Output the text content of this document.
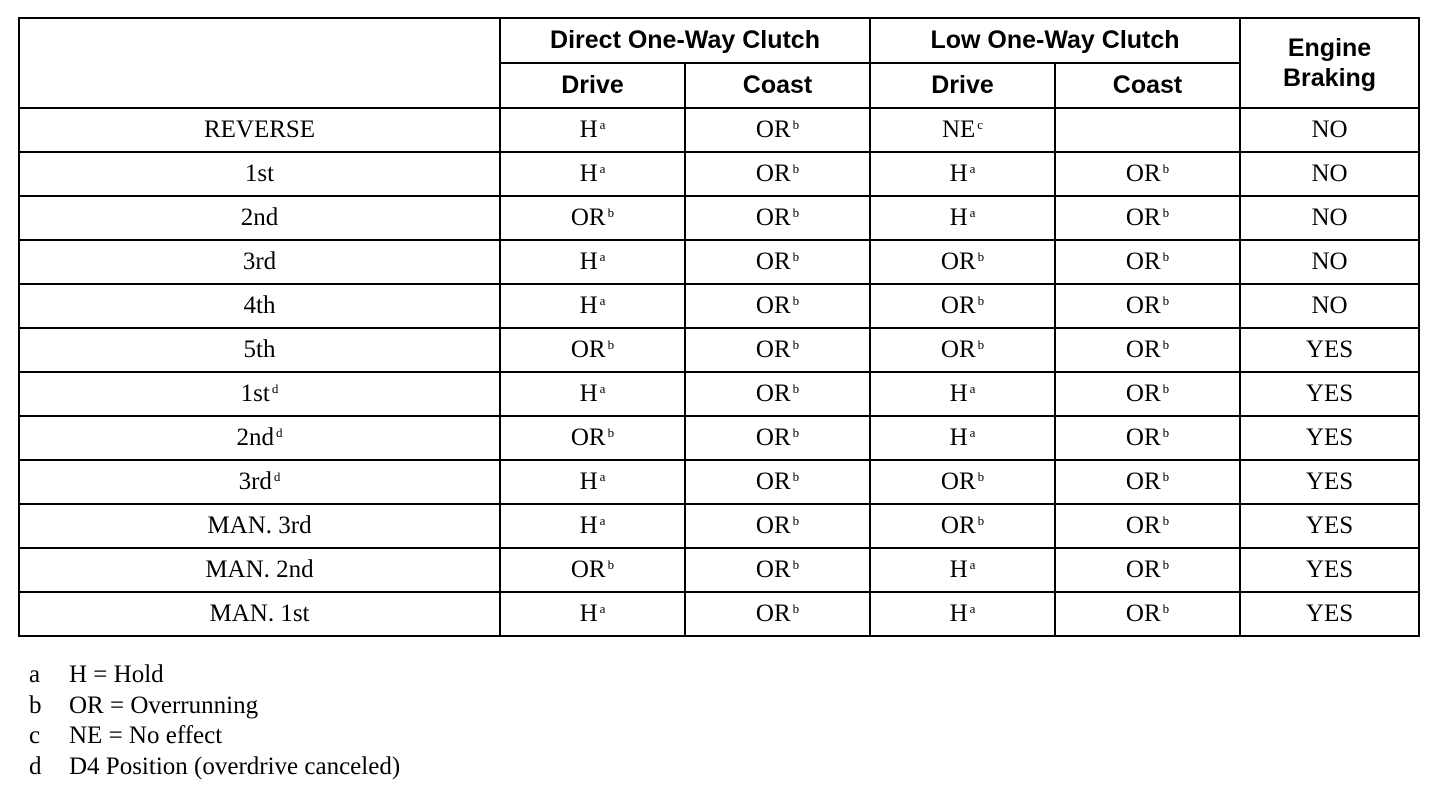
	Direct One-Way Clutch		Low One-Way Clutch		Engine
Braking
	Drive	Coast	Drive	Coast	
REVERSE	H $^a$	OR $^b$	NE $^c$		NO
1st	H $^a$	OR $^b$	H $^a$	OR $^b$	NO
2nd	OR $^b$	OR $^b$	H $^a$	OR $^b$	NO
3rd	H $^a$	OR $^b$	OR $^b$	OR $^b$	NO
4th	H $^a$	OR $^b$	OR $^b$	OR $^b$	NO
5th	OR $^b$	OR $^b$	OR $^b$	OR $^b$	YES
1st $^d$	H $^a$	OR $^b$	H $^a$	OR $^b$	YES
2nd $^d$	OR $^b$	OR $^b$	H $^a$	OR $^b$	YES
3rd $^d$	H $^a$	OR $^b$	OR $^b$	OR $^b$	YES
MAN. 3rd	H $^a$	OR $^b$	OR $^b$	OR $^b$	YES
MAN. 2nd	OR $^b$	OR $^b$	H $^a$	OR $^b$	YES
MAN. 1st	H $^a$	OR $^b$	H $^a$	OR $^b$	YES
a	H = Hold
b	OR = Overrunning
c	NE = No effect
d	D4 Position (overdrive canceled)
